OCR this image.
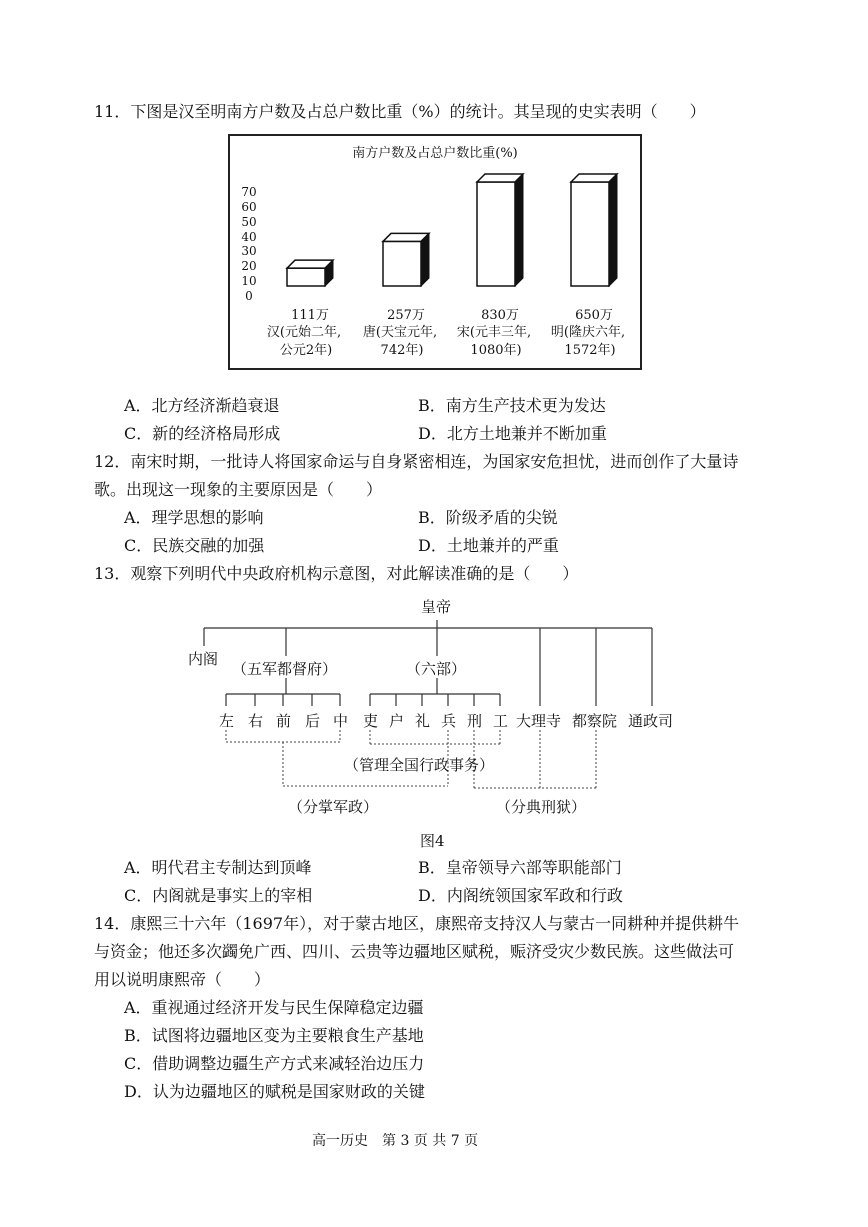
11．下图是汉至明南方户数及占总户数比重（%）的统计。其呈现的史实表明（　　）
南方户数及占总户数比重(%)
70
60
50
40
30
20
10
0
111万
汉(元始二年,
公元2年)
257万
唐(天宝元年,
742年)
830万
宋(元丰三年,
1080年)
650万
明(隆庆六年,
1572年)
A．北方经济渐趋衰退	B．南方生产技术更为发达
C．新的经济格局形成	D．北方土地兼并不断加重
12．南宋时期，一批诗人将国家命运与自身紧密相连，为国家安危担忧，进而创作了大量诗
歌。出现这一现象的主要原因是（　　）
A．理学思想的影响	B．阶级矛盾的尖锐
C．民族交融的加强	D．土地兼并的严重
13．观察下列明代中央政府机构示意图，对此解读准确的是（　　）
皇帝
内阁
（五军都督府）	（六部）
左 右 前 后 中 吏 户 礼 兵 刑 工 大理寺 都察院 通政司
（管理全国行政事务）
（分掌军政）	（分典刑狱）
图4
A．明代君主专制达到顶峰	B．皇帝领导六部等职能部门
C．内阁就是事实上的宰相	D．内阁统领国家军政和行政
14．康熙三十六年（1697年），对于蒙古地区，康熙帝支持汉人与蒙古一同耕种并提供耕牛
与资金；他还多次蠲免广西、四川、云贵等边疆地区赋税，赈济受灾少数民族。这些做法可
用以说明康熙帝（　　）
A．重视通过经济开发与民生保障稳定边疆
B．试图将边疆地区变为主要粮食生产基地
C．借助调整边疆生产方式来减轻治边压力
D．认为边疆地区的赋税是国家财政的关键
高一历史　第 3 页 共 7 页
